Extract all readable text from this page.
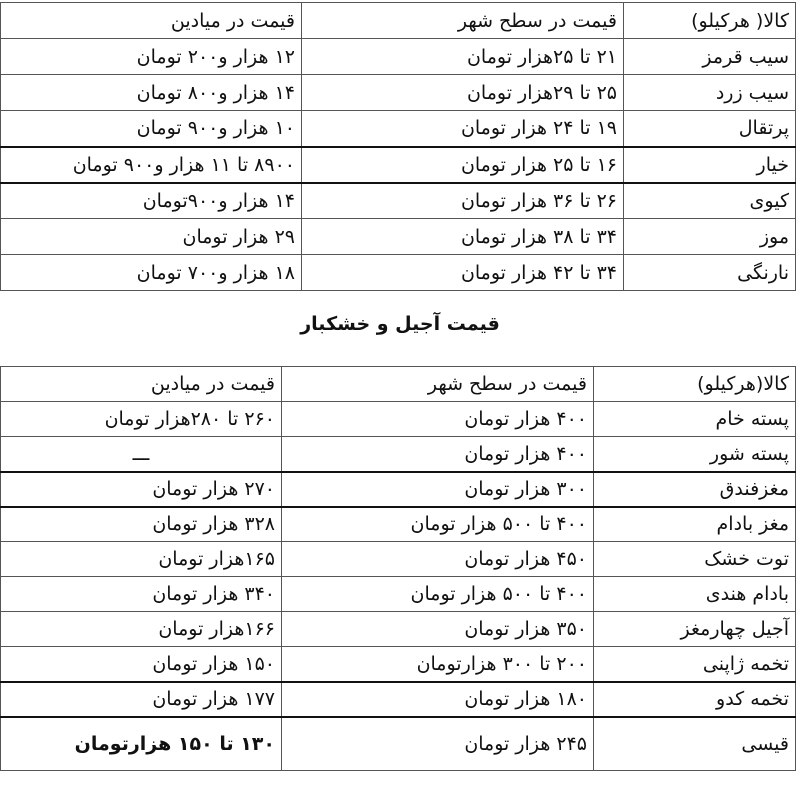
کالا( هرکیلو)	قیمت در سطح شهر	قیمت در میادین
سیب قرمز	۲۱ تا ۲۵هزار تومان	۱۲ هزار و۲۰۰ تومان
سیب زرد	۲۵ تا ۲۹هزار تومان	۱۴ هزار و۸۰۰ تومان
پرتقال	۱۹ تا ۲۴ هزار تومان	۱۰ هزار و۹۰۰ تومان
خیار	۱۶ تا ۲۵ هزار تومان	۸۹۰۰ تا ۱۱ هزار و۹۰۰ تومان
کیوی	۲۶ تا ۳۶ هزار تومان	۱۴ هزار و۹۰۰تومان
موز	۳۴ تا ۳۸ هزار تومان	۲۹ هزار تومان
نارنگی	۳۴ تا ۴۲ هزار تومان	۱۸ هزار و۷۰۰ تومان
قیمت آجیل و خشکبار
کالا(هرکیلو)	قیمت در سطح شهر	قیمت در میادین
پسته خام	۴۰۰ هزار تومان	۲۶۰ تا ۲۸۰هزار تومان
پسته شور	۴۰۰ هزار تومان	ـــ
مغزفندق	۳۰۰ هزار تومان	۲۷۰ هزار تومان
مغز بادام	۴۰۰ تا ۵۰۰ هزار تومان	۳۲۸ هزار تومان
توت خشک	۴۵۰ هزار تومان	۱۶۵هزار تومان
بادام هندی	۴۰۰ تا ۵۰۰ هزار تومان	۳۴۰ هزار تومان
آجیل چهارمغز	۳۵۰ هزار تومان	۱۶۶هزار تومان
تخمه ژاپنی	۲۰۰ تا ۳۰۰ هزارتومان	۱۵۰ هزار تومان
تخمه کدو	۱۸۰ هزار تومان	۱۷۷ هزار تومان
قیسی	۲۴۵ هزار تومان	۱۳۰ تا ۱۵۰ هزارتومان
